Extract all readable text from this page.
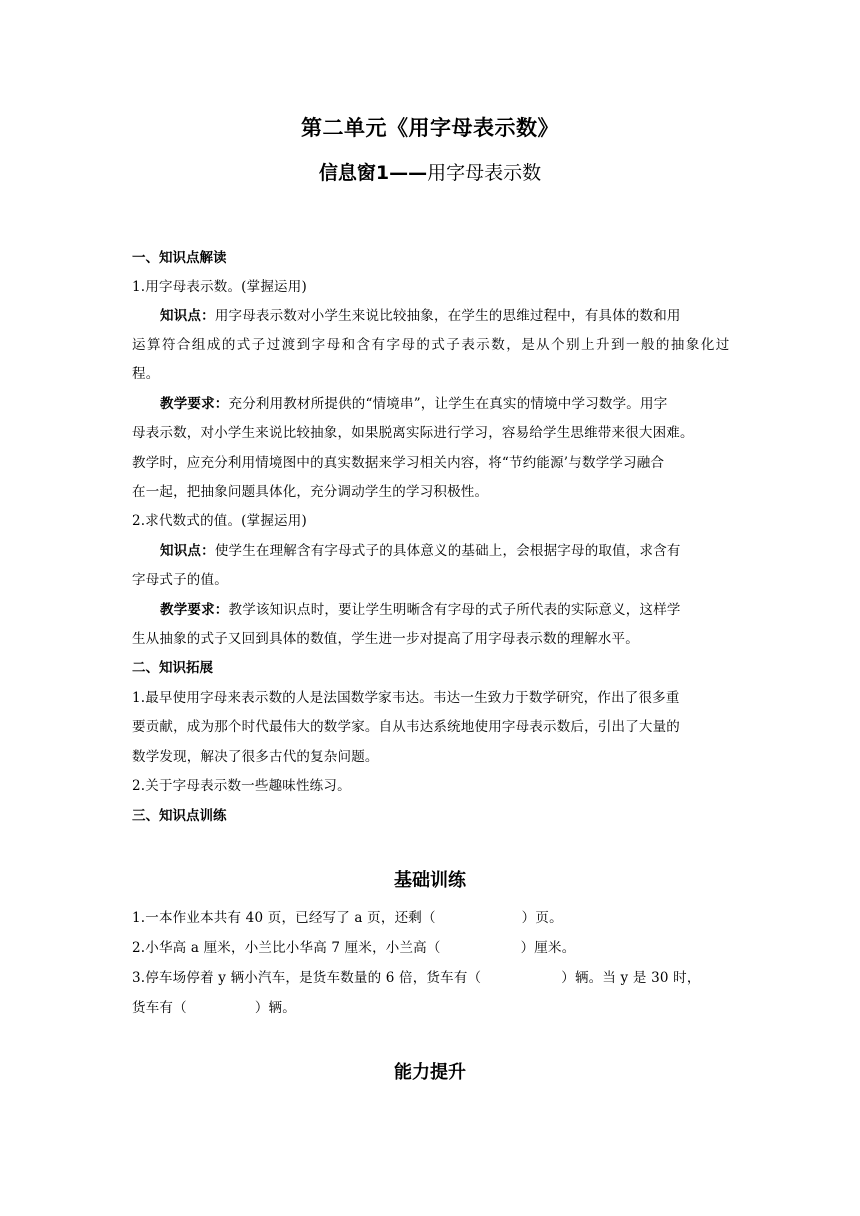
第二单元《用字母表示数》
信息窗1——用字母表示数
一、知识点解读
1.用字母表示数。(掌握运用)
知识点：用字母表示数对小学生来说比较抽象，在学生的思维过程中，有具体的数和用
运 算 符 合 组 成 的 式 子 过 渡 到 字 母 和 含 有 字 母 的 式 子 表 示 数 ， 是 从 个 别 上 升 到 一 般 的 抽 象 化 过
程。
教学要求：充分利用教材所提供的“情境串”，让学生在真实的情境中学习数学。用字
母表示数，对小学生来说比较抽象，如果脱离实际进行学习，容易给学生思维带来很大困难。
教学时，应充分利用情境图中的真实数据来学习相关内容，将“节约能源’与数学学习融合
在一起，把抽象问题具体化，充分调动学生的学习积极性。
2.求代数式的值。(掌握运用)
知识点：使学生在理解含有字母式子的具体意义的基础上，会根据字母的取值，求含有
字母式子的值。
教学要求：教学该知识点时，要让学生明晰含有字母的式子所代表的实际意义，这样学
生从抽象的式子又回到具体的数值，学生进一步对提高了用字母表示数的理解水平。
二、知识拓展
1.最早使用字母来表示数的人是法国数学家韦达。韦达一生致力于数学研究，作出了很多重
要贡献，成为那个时代最伟大的数学家。自从韦达系统地使用字母表示数后，引出了大量的
数学发现，解决了很多古代的复杂问题。
2.关于字母表示数一些趣味性练习。
三、知识点训练
基础训练
1.一本作业本共有 40 页，已经写了 a 页，还剩（	）页。
2.小华高 a 厘米，小兰比小华高 7 厘米，小兰高（	）厘米。
3.停车场停着 y 辆小汽车，是货车数量的 6 倍，货车有（	）辆。当 y 是 30 时，
货车有（	）辆。
能力提升
